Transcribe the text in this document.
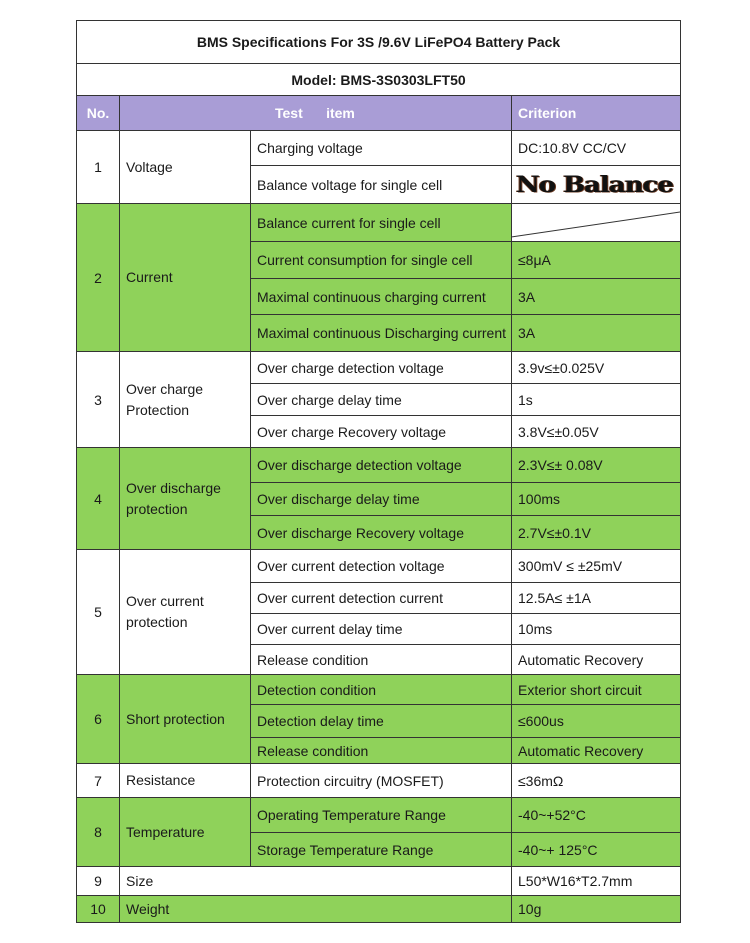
BMS Specifications For 3S /9.6V LiFePO4 Battery Pack			
Model: BMS-3S0303LFT50			
No.	Test      item		Criterion
1	Voltage	Charging voltage	DC:10.8V CC/CV
		Balance voltage for single cell	No Balance
2	Current	Balance current for single cell	
		Current consumption for single cell	≤8μA
		Maximal continuous charging current	3A
		Maximal continuous Discharging current	3A
3	Over charge Protection	Over charge detection voltage	3.9v≤±0.025V
		Over charge delay time	1s
		Over charge Recovery voltage	3.8V≤±0.05V
4	Over discharge protection	Over discharge detection voltage	2.3V≤± 0.08V
		Over discharge delay time	100ms
		Over discharge Recovery voltage	2.7V≤±0.1V
5	Over current protection	Over current detection voltage	300mV ≤ ±25mV
		Over current detection current	12.5A≤ ±1A
		Over current delay time	10ms
		Release condition	Automatic Recovery
6	Short protection	Detection condition	Exterior short circuit
		Detection delay time	≤600us
		Release condition	Automatic Recovery
7	Resistance	Protection circuitry (MOSFET)	≤36mΩ
8	Temperature	Operating Temperature Range	-40~+52°C
		Storage Temperature Range	-40~+ 125°C
9	Size		L50*W16*T2.7mm
10	Weight		10g
